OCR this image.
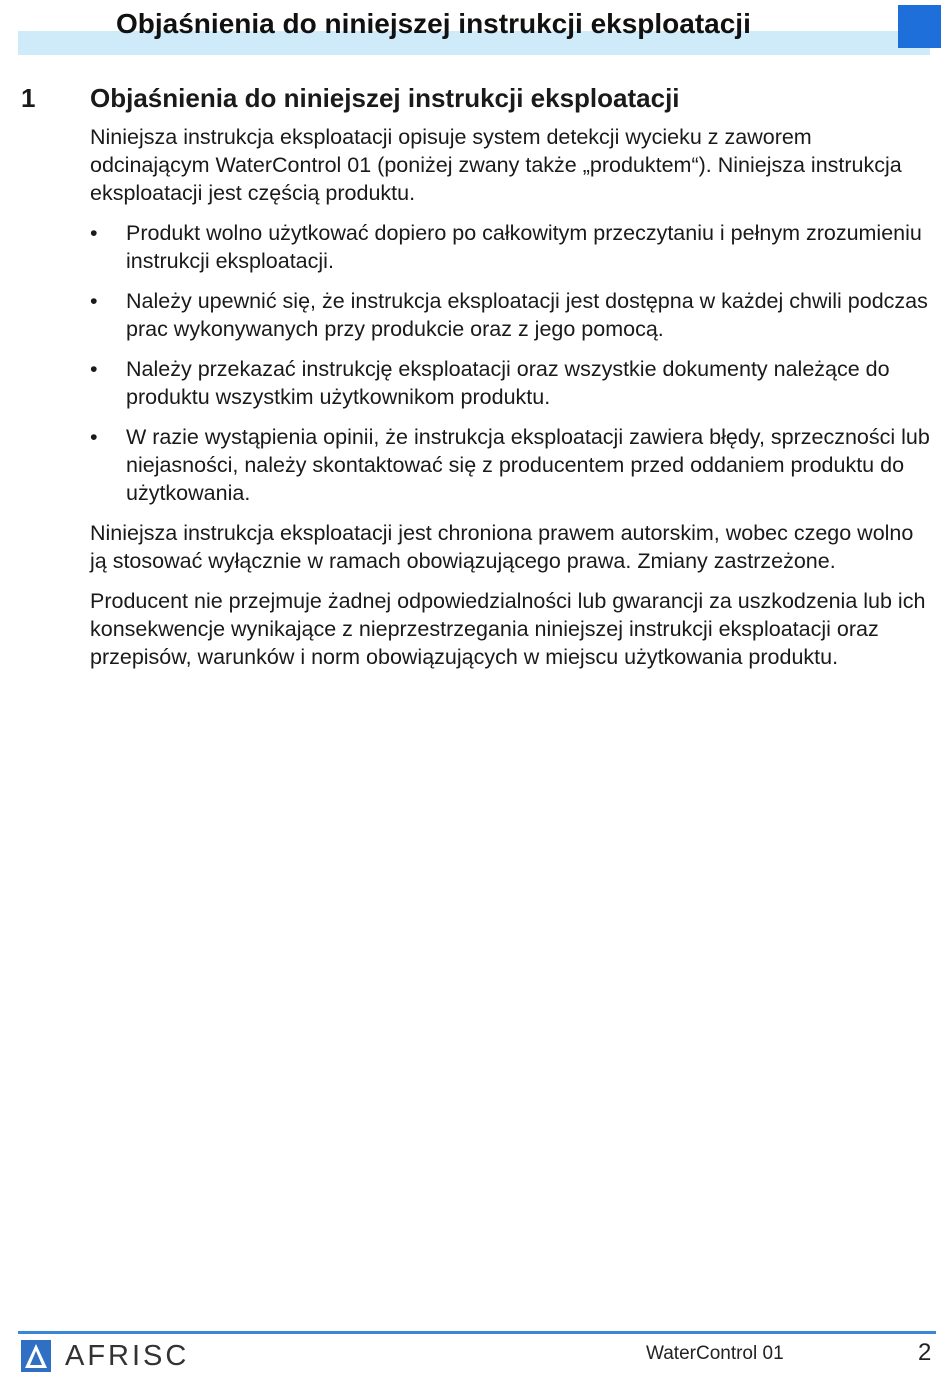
Objaśnienia do niniejszej instrukcji eksploatacji
1 Objaśnienia do niniejszej instrukcji eksploatacji

Niniejsza instrukcja eksploatacji opisuje system detekcji wycieku z zaworem odcinającym WaterControl 01 (poniżej zwany także „produktem“). Niniejsza instrukcja eksploatacji jest częścią produktu.

• Produkt wolno użytkować dopiero po całkowitym przeczytaniu i pełnym zrozumieniu instrukcji eksploatacji.
• Należy upewnić się, że instrukcja eksploatacji jest dostępna w każdej chwili podczas prac wykonywanych przy produkcie oraz z jego pomocą.
• Należy przekazać instrukcję eksploatacji oraz wszystkie dokumenty należące do produktu wszystkim użytkownikom produktu.
• W razie wystąpienia opinii, że instrukcja eksploatacji zawiera błędy, sprzeczności lub niejasności, należy skontaktować się z producentem przed oddaniem produktu do użytkowania.

Niniejsza instrukcja eksploatacji jest chroniona prawem autorskim, wobec czego wolno ją stosować wyłącznie w ramach obowiązującego prawa. Zmiany zastrzeżone.

Producent nie przejmuje żadnej odpowiedzialności lub gwarancji za uszkodzenia lub ich konsekwencje wynikające z nieprzestrzegania niniejszej instrukcji eksploatacji oraz przepisów, warunków i norm obowiązujących w miejscu użytkowania produktu.

AFRISC	WaterControl 01	2
